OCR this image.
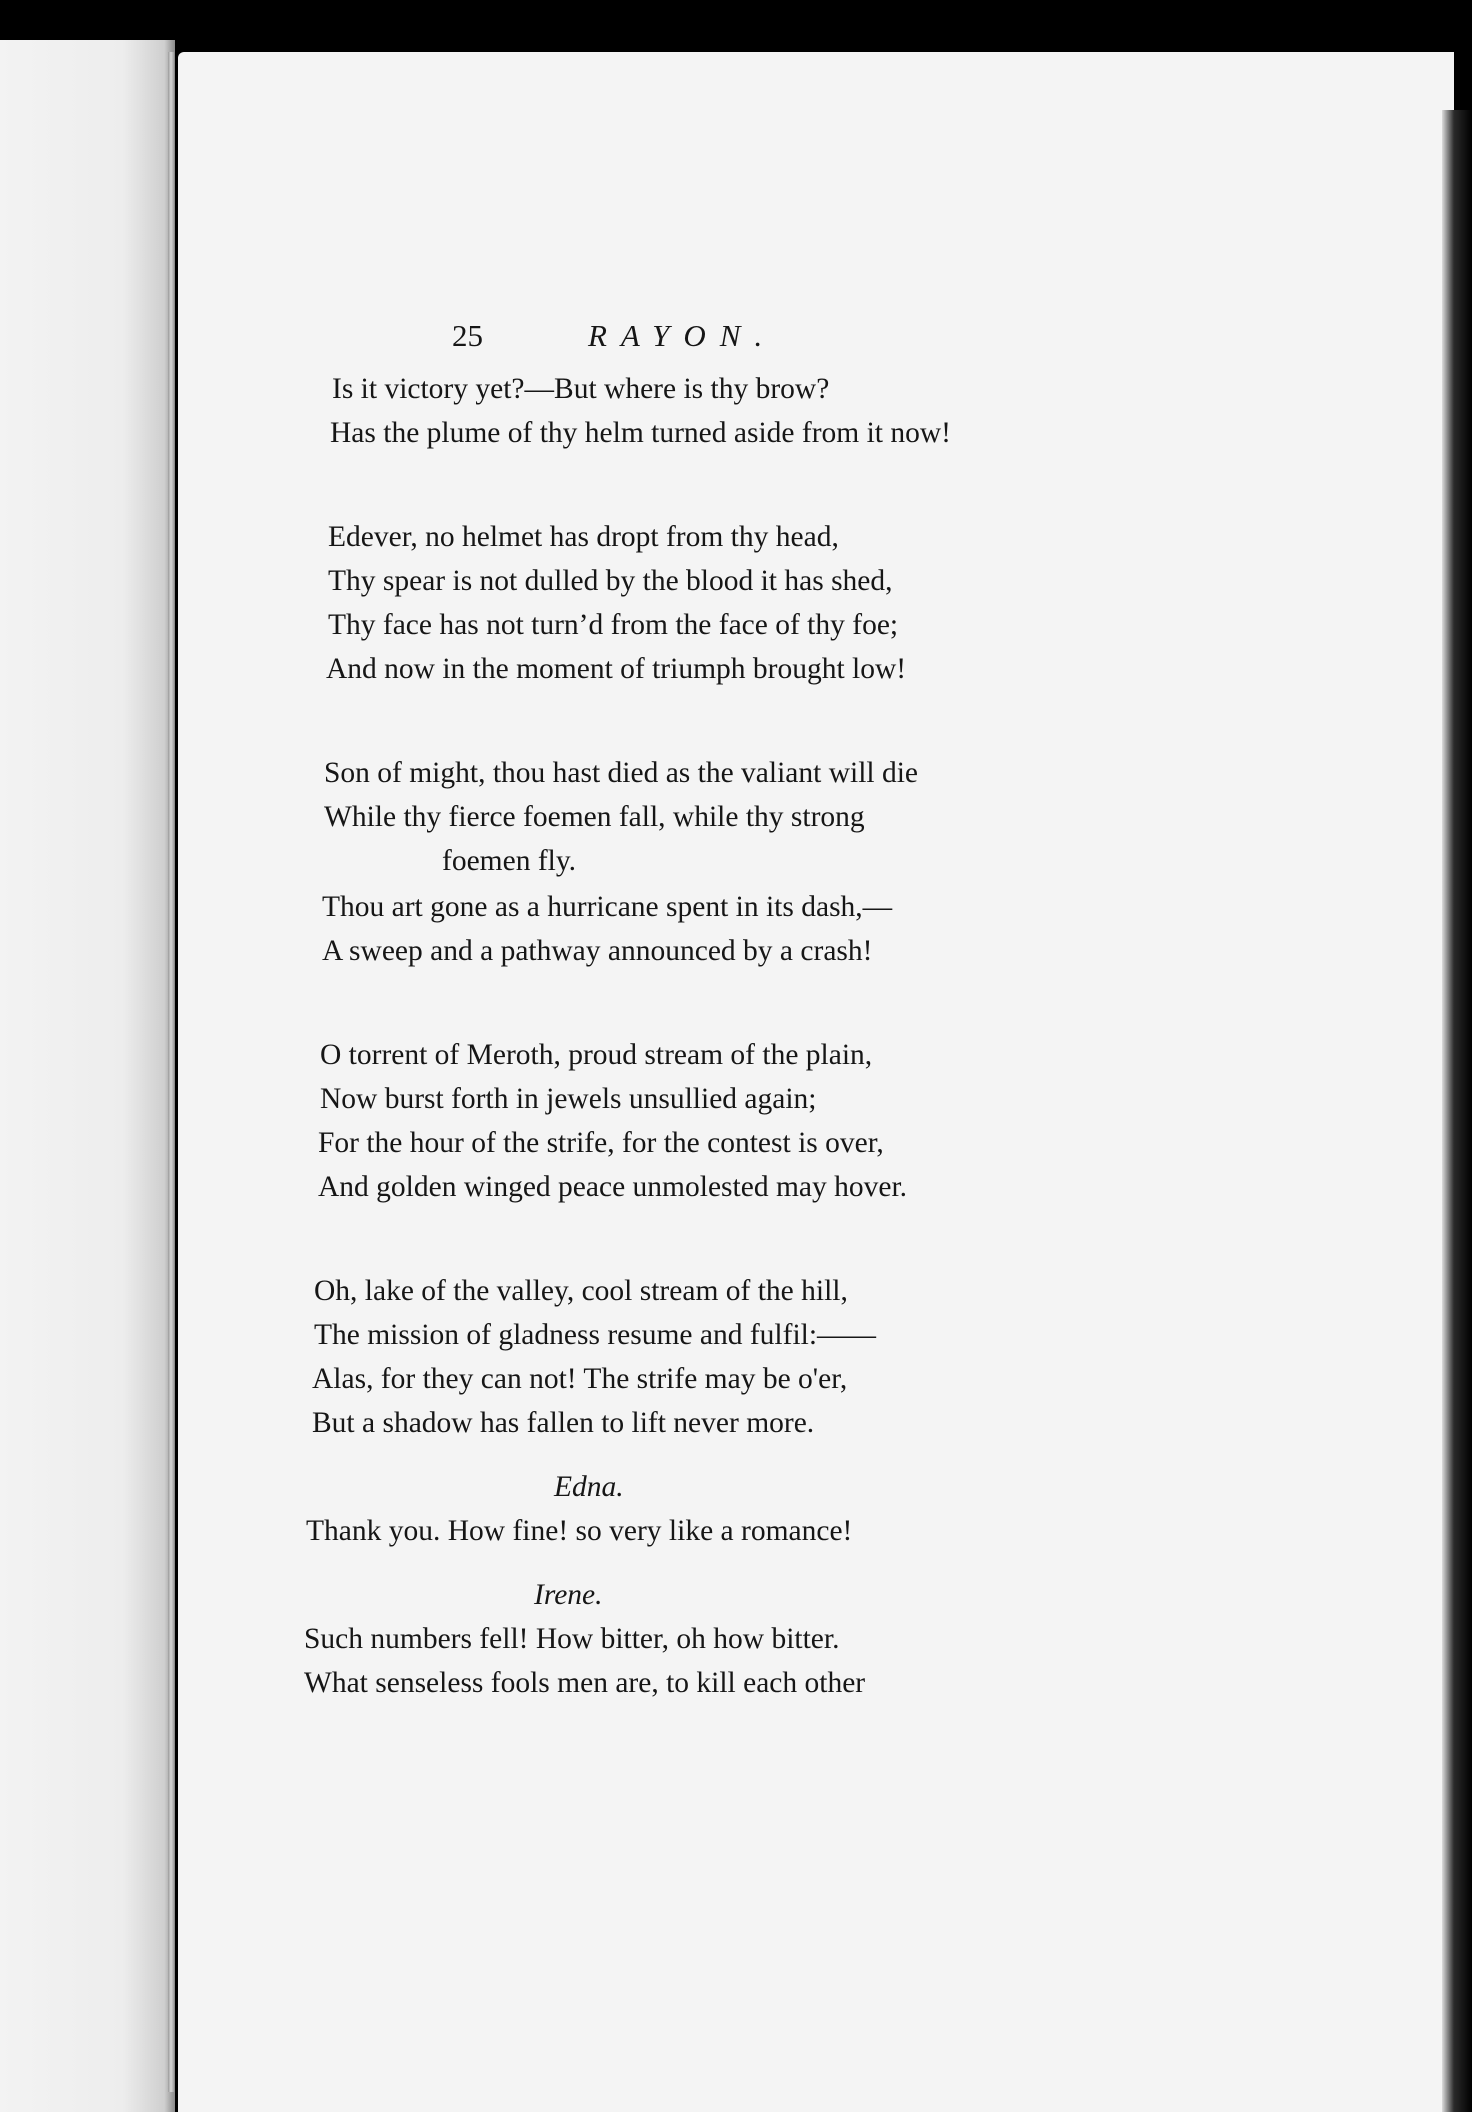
25	RAYON.
Is it victory yet?—But where is thy brow?
Has the plume of thy helm turned aside from it now!
Edever, no helmet has dropt from thy head,
Thy spear is not dulled by the blood it has shed,
Thy face has not turn’d from the face of thy foe;
And now in the moment of triumph brought low!
Son of might, thou hast died as the valiant will die
While thy fierce foemen fall, while thy strong
foemen fly.
Thou art gone as a hurricane spent in its dash,—
A sweep and a pathway announced by a crash!
O torrent of Meroth, proud stream of the plain,
Now burst forth in jewels unsullied again;
For the hour of the strife, for the contest is over,
And golden winged peace unmolested may hover.
Oh, lake of the valley, cool stream of the hill,
The mission of gladness resume and fulfil:——
Alas, for they can not! The strife may be o'er,
But a shadow has fallen to lift never more.
Edna.
Thank you. How fine! so very like a romance!
Irene.
Such numbers fell! How bitter, oh how bitter.
What senseless fools men are, to kill each other
